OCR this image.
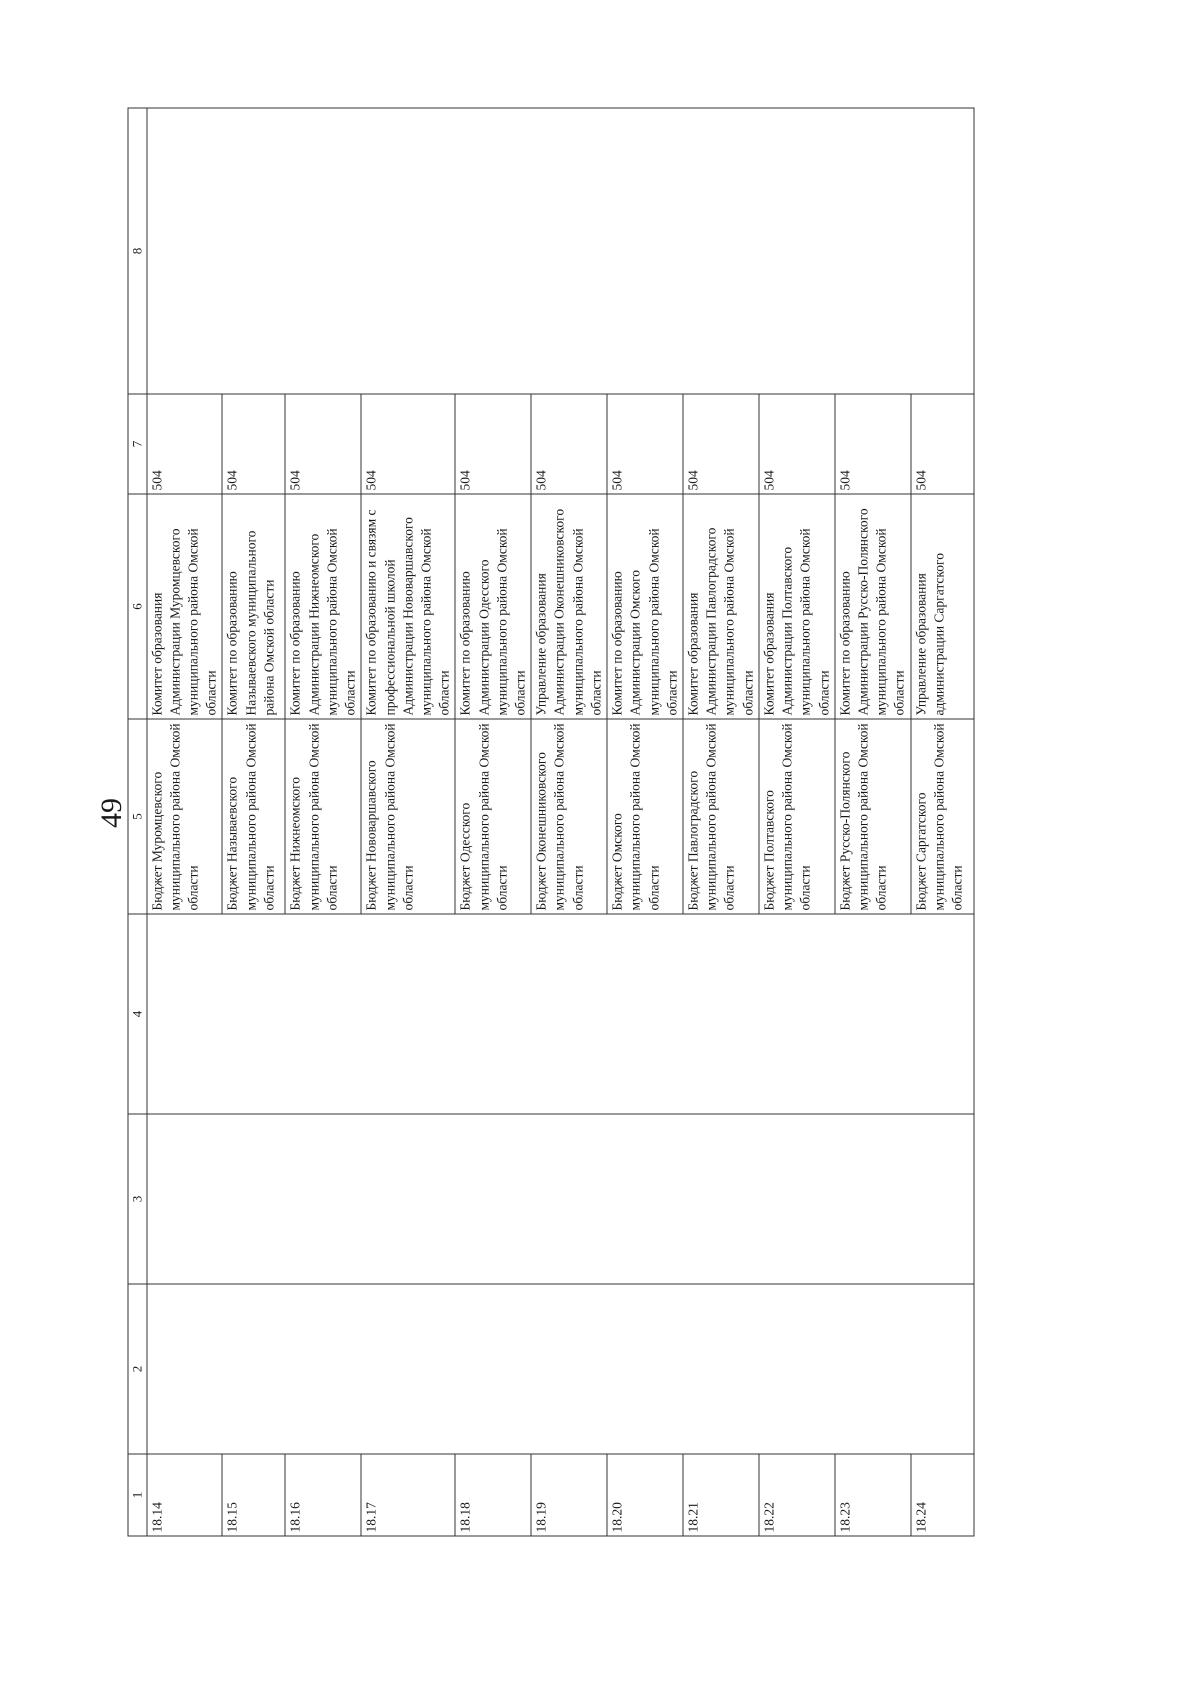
49
1	2	3	4	5	6	7	8
18.14				Бюджет Муромцевского муниципального района Омской области	Комитет образования Администрации Муромцевского муниципального района Омской области	504	
18.15				Бюджет Называевского муниципального района Омской области	Комитет по образованию Называевского муниципального района Омской области	504	
18.16				Бюджет Нижнеомского муниципального района Омской области	Комитет по образованию Администрации Нижнеомского муниципального района Омской области	504	
18.17				Бюджет Нововаршавского муниципального района Омской области	Комитет по образованию и связям с профессиональной школой Администрации Нововаршавского муниципального района Омской области	504	
18.18				Бюджет Одесского муниципального района Омской области	Комитет по образованию Администрации Одесского муниципального района Омской области	504	
18.19				Бюджет Оконешниковского муниципального района Омской области	Управление образования Администрации Оконешниковского муниципального района Омской области	504	
18.20				Бюджет Омского муниципального района Омской области	Комитет по образованию Администрации Омского муниципального района Омской области	504	
18.21				Бюджет Павлоградского муниципального района Омской области	Комитет образования Администрации Павлоградского муниципального района Омской области	504	
18.22				Бюджет Полтавского муниципального района Омской области	Комитет образования Администрации Полтавского муниципального района Омской области	504	
18.23				Бюджет Русско-Полянского муниципального района Омской области	Комитет по образованию Администрации Русско-Полянского муниципального района Омской области	504	
18.24				Бюджет Саргатского муниципального района Омской области	Управление образования администрации Саргатского	504	
